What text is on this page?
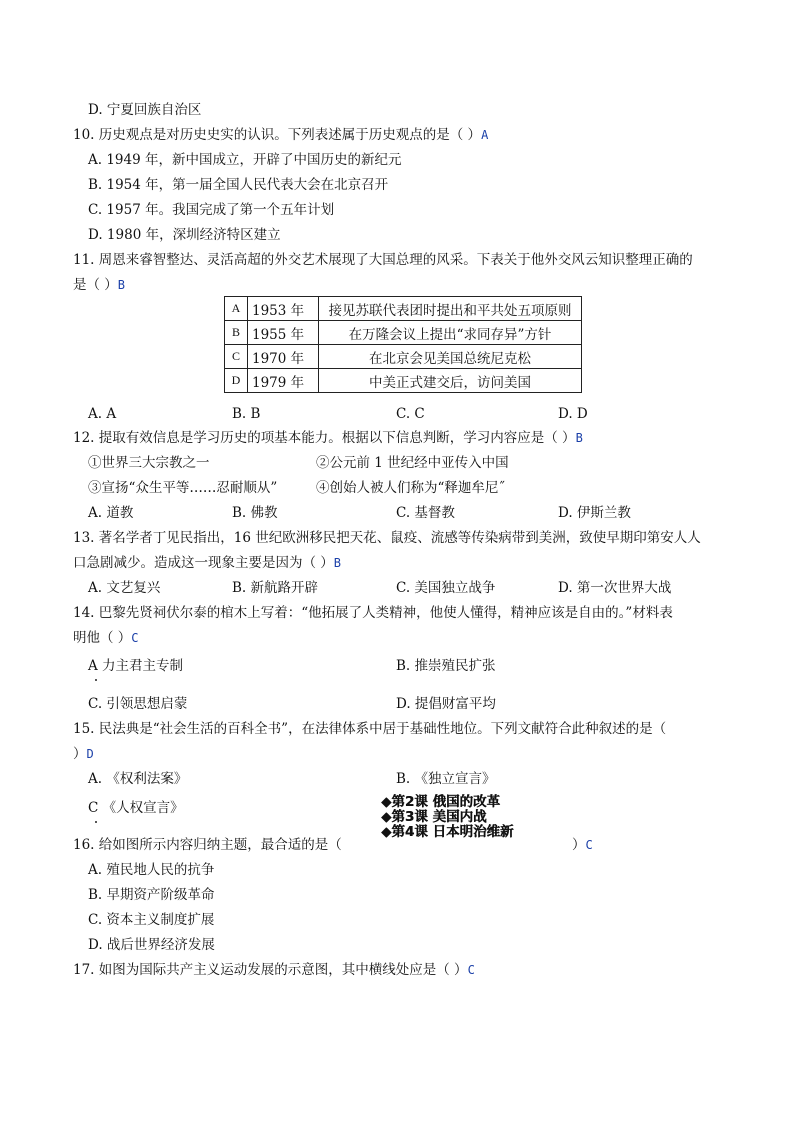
D. 宁夏回族自治区
10. 历史观点是对历史史实的认识。下列表述属于历史观点的是（ ）A
A. 1949 年，新中国成立，开辟了中国历史的新纪元
B. 1954 年，第一届全国人民代表大会在北京召开
C. 1957 年。我国完成了第一个五年计划
D. 1980 年，深圳经济特区建立
11. 周恩来睿智整达、灵活高超的外交艺术展现了大国总理的风采。下表关于他外交风云知识整理正确的
是（ ）B
A	1953 年	接见苏联代表团时提出和平共处五项原则
B	1955 年	在万隆会议上提出“求同存异”方针
C	1970 年	在北京会见美国总统尼克松
D	1979 年	中美正式建交后，访问美国
A. A	B. B	C. C	D. D
12. 提取有效信息是学习历史的项基本能力。根据以下信息判断，学习内容应是（ ）B
①世界三大宗教之一	②公元前 1 世纪经中亚传入中国
③宣扬“众生平等……忍耐顺从”	④创始人被人们称为“释迦牟尼˝
A. 道教	B. 佛教	C. 基督教	D. 伊斯兰教
13. 著名学者丁见民指出，16 世纪欧洲移民把天花、鼠疫、流感等传染病带到美洲，致使早期印第安人人
口急剧减少。造成这一现象主要是因为（ ）B
A. 文艺复兴	B. 新航路开辟	C. 美国独立战争	D. 第一次世界大战
14. 巴黎先贤祠伏尔泰的棺木上写着：“他拓展了人类精神，他使人懂得，精神应该是自由的。”材料表
明他（ ）C
A 力主君主专制	B. 推崇殖民扩张
C. 引领思想启蒙	D. 提倡财富平均
15. 民法典是“社会生活的百科全书”，在法律体系中居于基础性地位。下列文献符合此种叙述的是（
）D
A. 《权利法案》	B. 《独立宣言》
C 《人权宣言》	◆第2课 俄国的改革
◆第3课 美国内战
◆第4课 日本明治维新
16. 给如图所示内容归纳主题，最合适的是（	）C
A. 殖民地人民的抗争
B. 早期资产阶级革命
C. 资本主义制度扩展
D. 战后世界经济发展
17. 如图为国际共产主义运动发展的示意图，其中横线处应是（ ）C
